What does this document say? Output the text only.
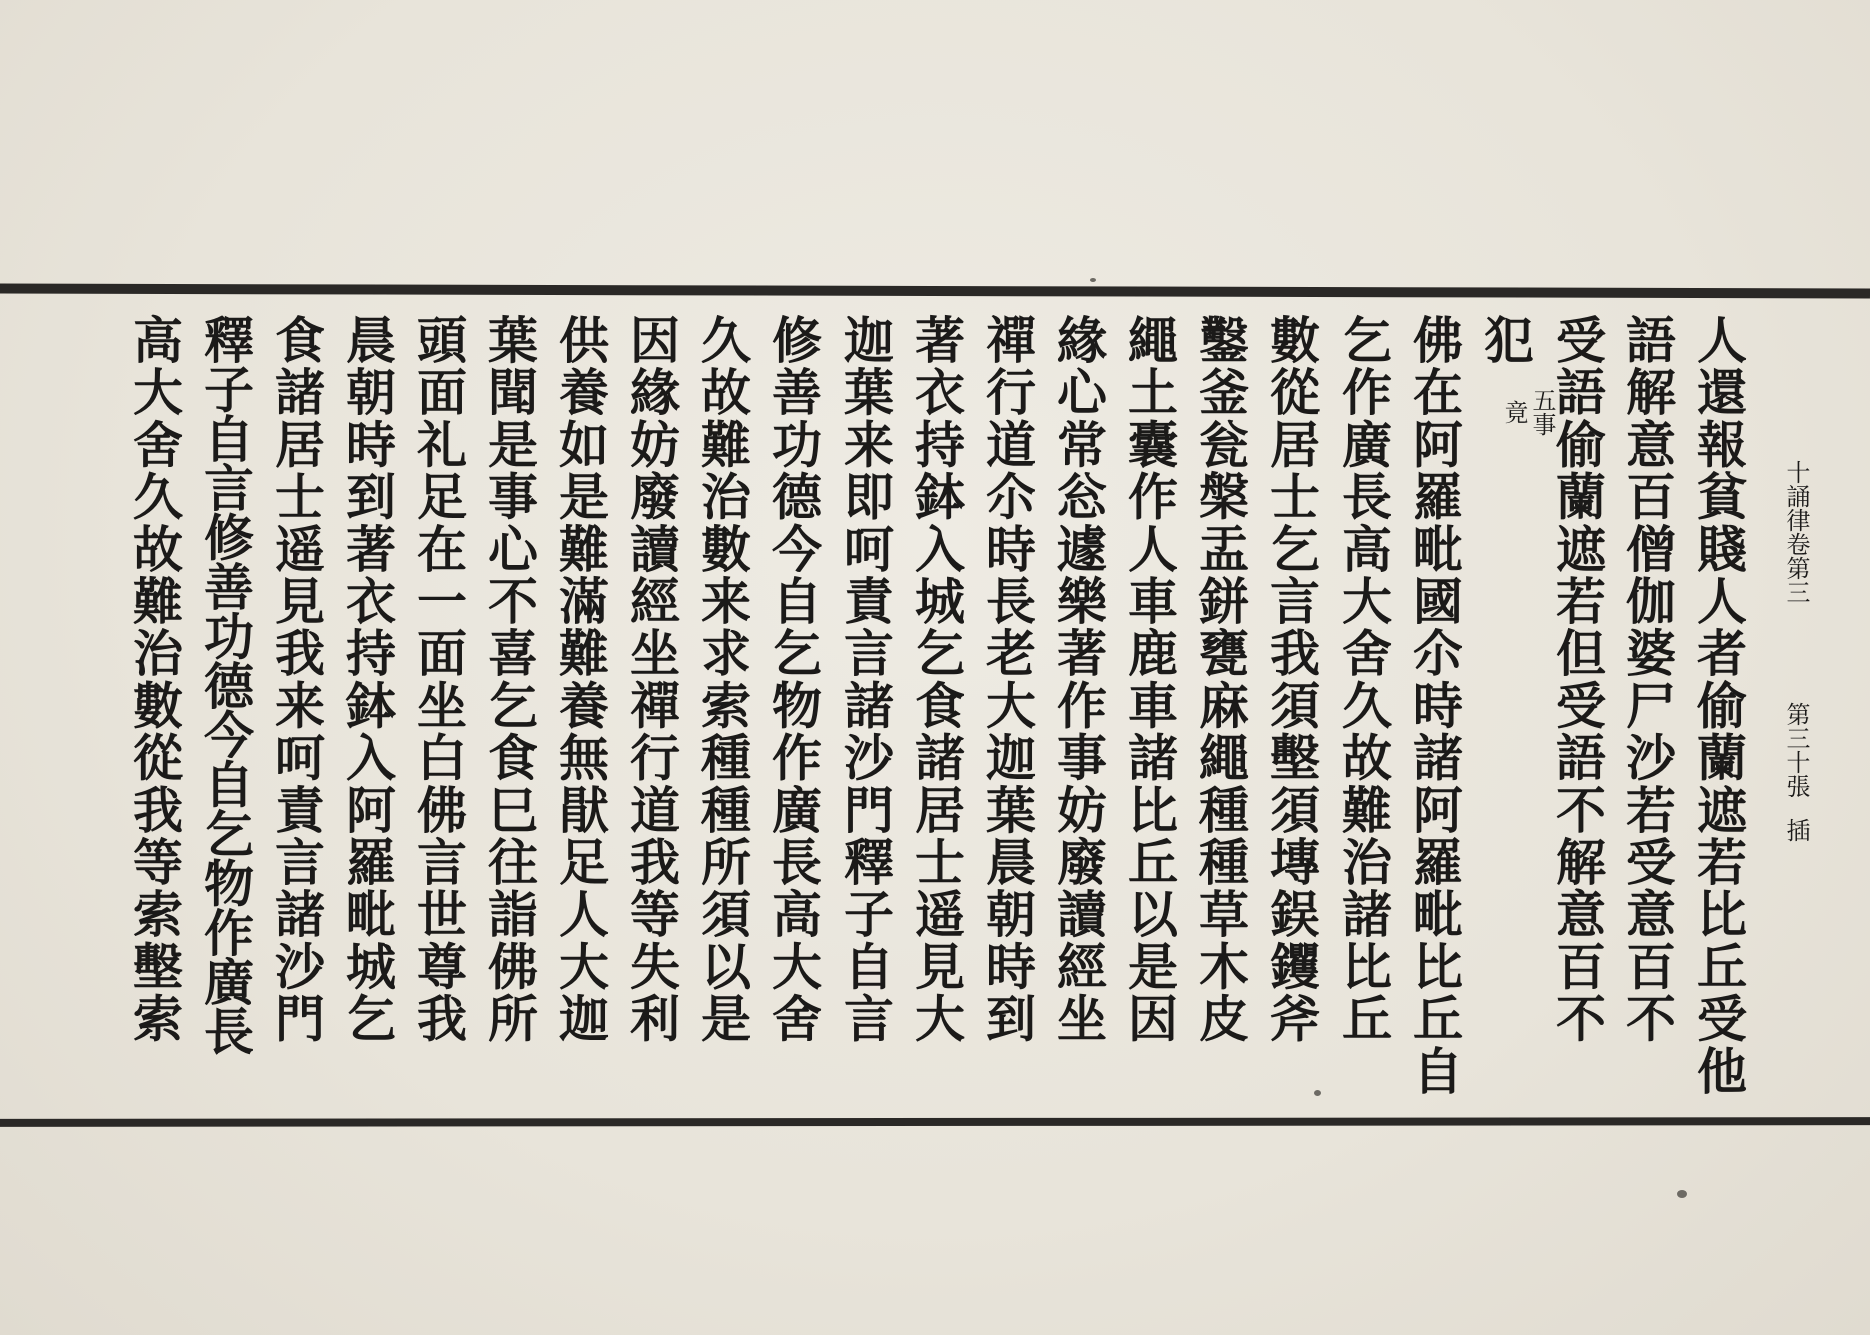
十誦律卷第三
第三十張
插
人還報貧賤人者偷蘭遮若比丘受他
語解意百僧伽婆尸沙若受意百不
受語偷蘭遮若但受語不解意百不
犯
五事
竟
佛在阿羅毗國尒時諸阿羅毗比丘自
乞作廣長高大舍久故難治諸比丘
數從居士乞言我須墼須塼鋘钁斧
鑿釜瓮槃盂鉼甕麻繩種種草木皮
繩土囊作人車鹿車諸比丘以是因
緣心常忩遽樂著作事妨廢讀經坐
禪行道尒時長老大迦葉晨朝時到
著衣持鉢入城乞食諸居士遥見大
迦葉来即呵責言諸沙門釋子自言
修善功德今自乞物作廣長高大舍
久故難治數来求索種種所須以是
因緣妨廢讀經坐禪行道我等失利
供養如是難滿難養無猒足人大迦
葉聞是事心不喜乞食巳往詣佛所
頭面礼足在一面坐白佛言世尊我
晨朝時到著衣持鉢入阿羅毗城乞
食諸居士遥見我来呵責言諸沙門
釋子自言修善功德今自乞物作廣長
高大舍久故難治數從我等索墼索
